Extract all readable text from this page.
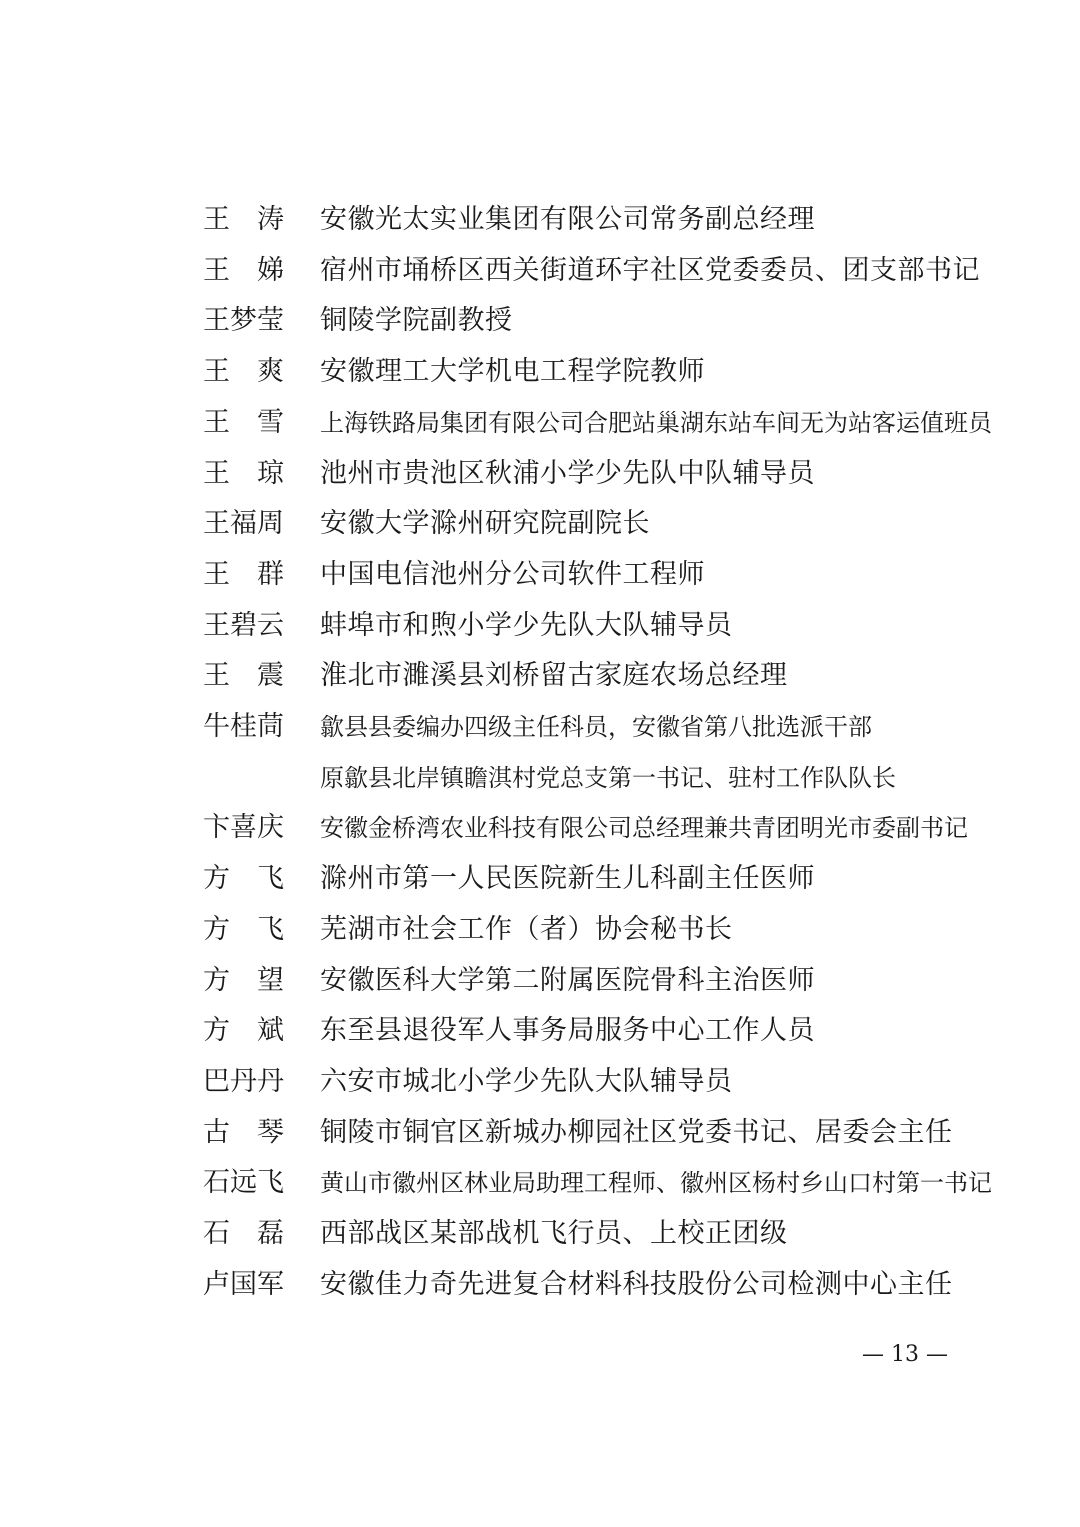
王　涛	安徽光太实业集团有限公司常务副总经理
王　娣	宿州市埇桥区西关街道环宇社区党委委员、团支部书记
王梦莹	铜陵学院副教授
王　爽	安徽理工大学机电工程学院教师
王　雪	上海铁路局集团有限公司合肥站巢湖东站车间无为站客运值班员
王　琼	池州市贵池区秋浦小学少先队中队辅导员
王福周	安徽大学滁州研究院副院长
王　群	中国电信池州分公司软件工程师
王碧云	蚌埠市和煦小学少先队大队辅导员
王　震	淮北市濉溪县刘桥留古家庭农场总经理
牛桂茼	歙县县委编办四级主任科员，安徽省第八批选派干部
原歙县北岸镇瞻淇村党总支第一书记、驻村工作队队长
卞喜庆	安徽金桥湾农业科技有限公司总经理兼共青团明光市委副书记
方　飞	滁州市第一人民医院新生儿科副主任医师
方　飞	芜湖市社会工作（者）协会秘书长
方　望	安徽医科大学第二附属医院骨科主治医师
方　斌	东至县退役军人事务局服务中心工作人员
巴丹丹	六安市城北小学少先队大队辅导员
古　琴	铜陵市铜官区新城办柳园社区党委书记、居委会主任
石远飞	黄山市徽州区林业局助理工程师、徽州区杨村乡山口村第一书记
石　磊	西部战区某部战机飞行员、上校正团级
卢国军	安徽佳力奇先进复合材料科技股份公司检测中心主任
— 13 —
